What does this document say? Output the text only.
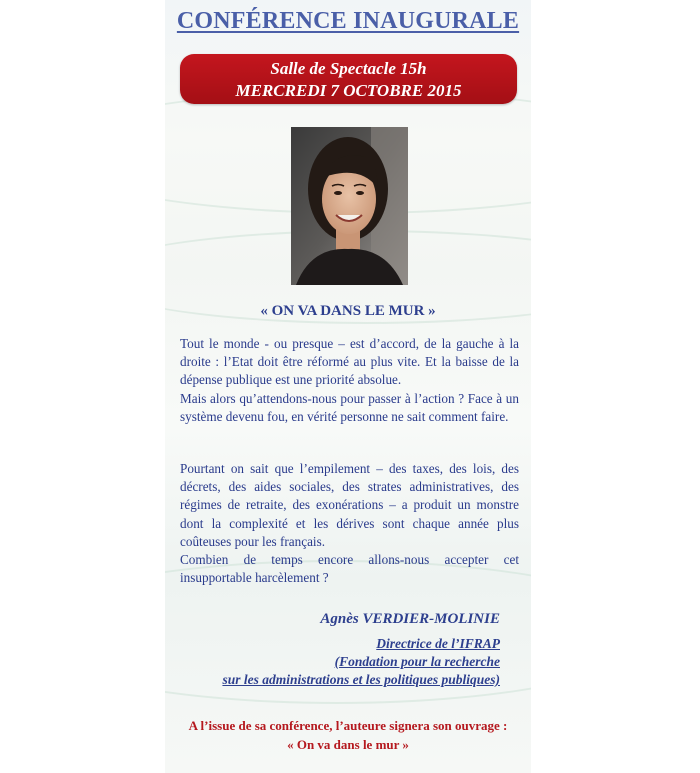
CONFÉRENCE INAUGURALE
Salle de Spectacle 15h
MERCREDI 7 OCTOBRE 2015
« ON VA DANS LE MUR »

Tout le monde - ou presque – est d’accord, de la gauche à la droite : l’Etat doit être réformé au plus vite. Et la baisse de la dépense publique est une priorité absolue.

Mais alors qu’attendons-nous pour passer à l’action ? Face à un système devenu fou, en vérité personne ne sait comment faire.

Pourtant on sait que l’empilement – des taxes, des lois, des décrets, des aides sociales, des strates administratives, des régimes de retraite, des exonérations – a produit un monstre dont la complexité et les dérives sont chaque année plus coûteuses pour les français.

Combien de temps encore allons-nous accepter cet insupportable harcèlement ?

Agnès VERDIER-MOLINIE
Directrice de l’IFRAP
(Fondation pour la recherche
sur les administrations et les politiques publiques)
A l’issue de sa conférence, l’auteure signera son ouvrage :
« On va dans le mur »
